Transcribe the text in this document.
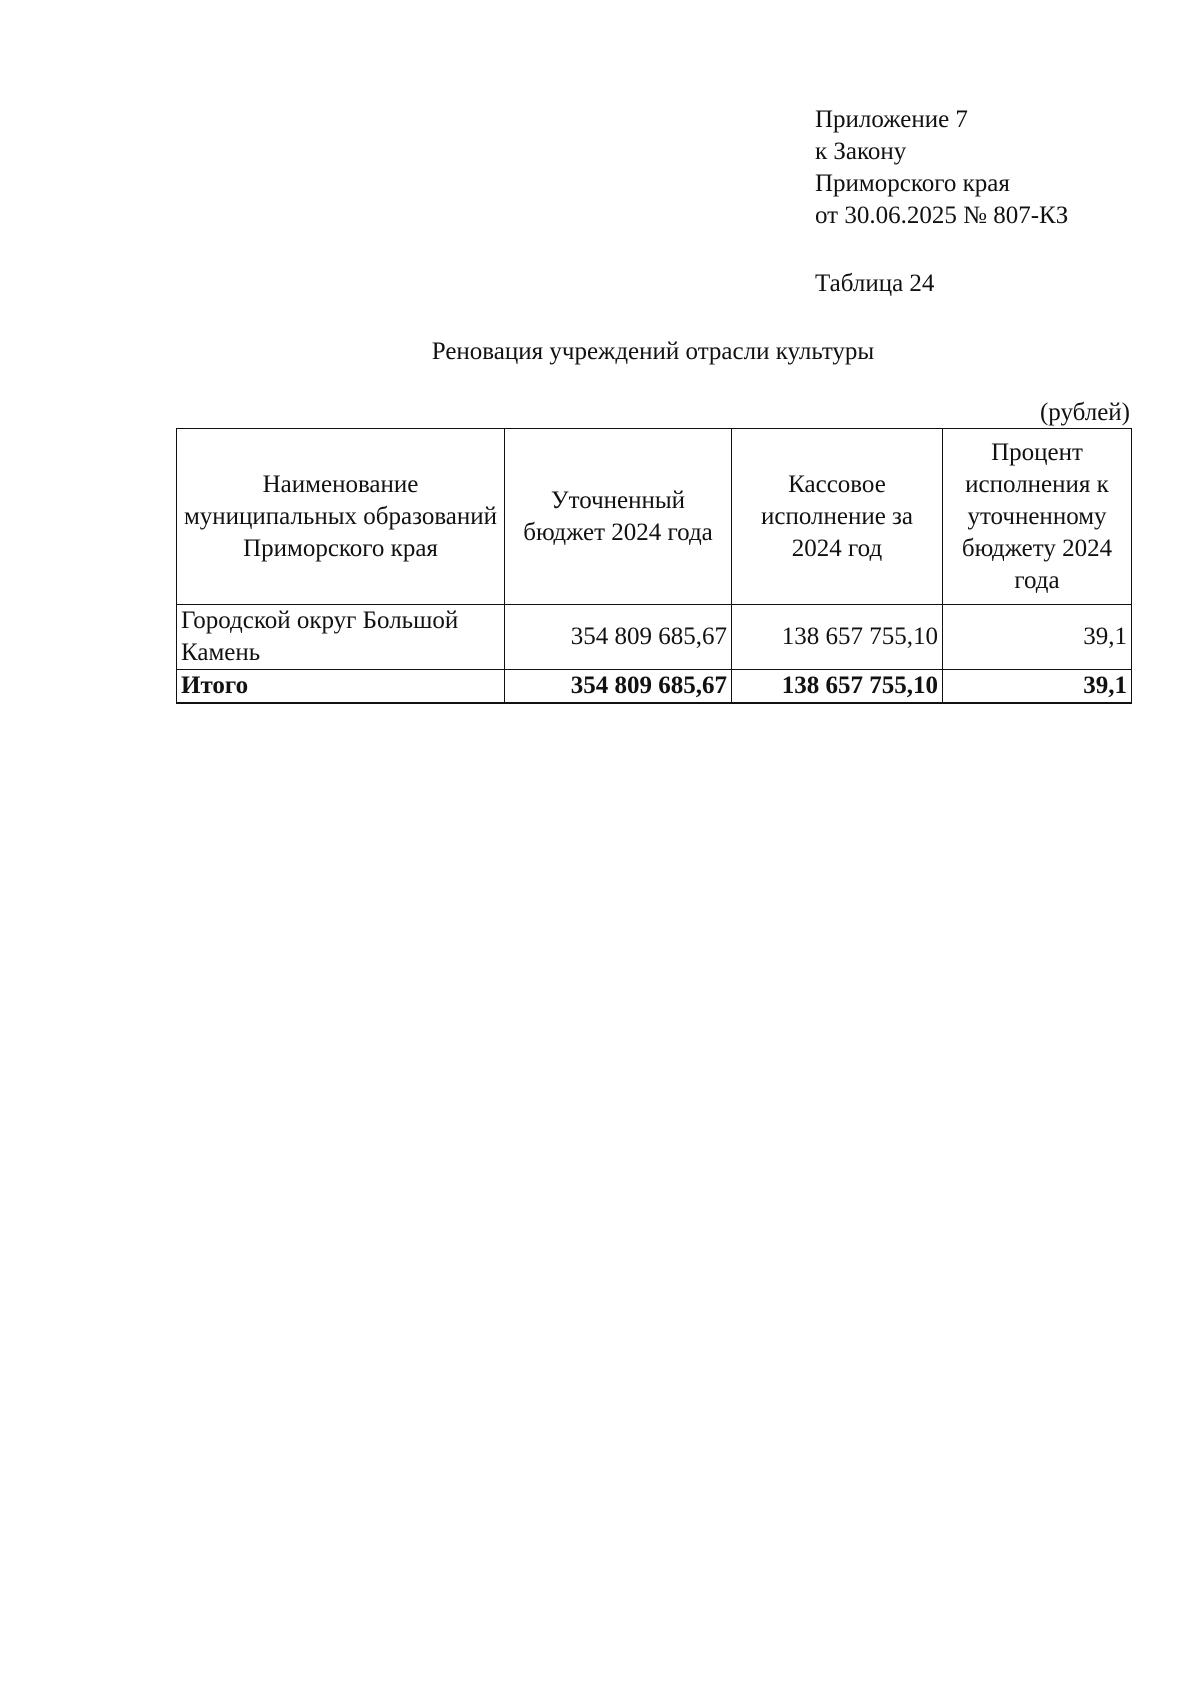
Приложение 7
к Закону
Приморского края
от 30.06.2025 № 807-КЗ
Таблица 24
Реновация учреждений отрасли культуры
(рублей)
Наименование муниципальных образований Приморского края	Уточненный бюджет 2024 года	Кассовое исполнение за 2024 год	Процент исполнения к уточненному бюджету 2024 года
Городской округ Большой Камень	354 809 685,67	138 657 755,10	39,1
Итого	354 809 685,67	138 657 755,10	39,1
